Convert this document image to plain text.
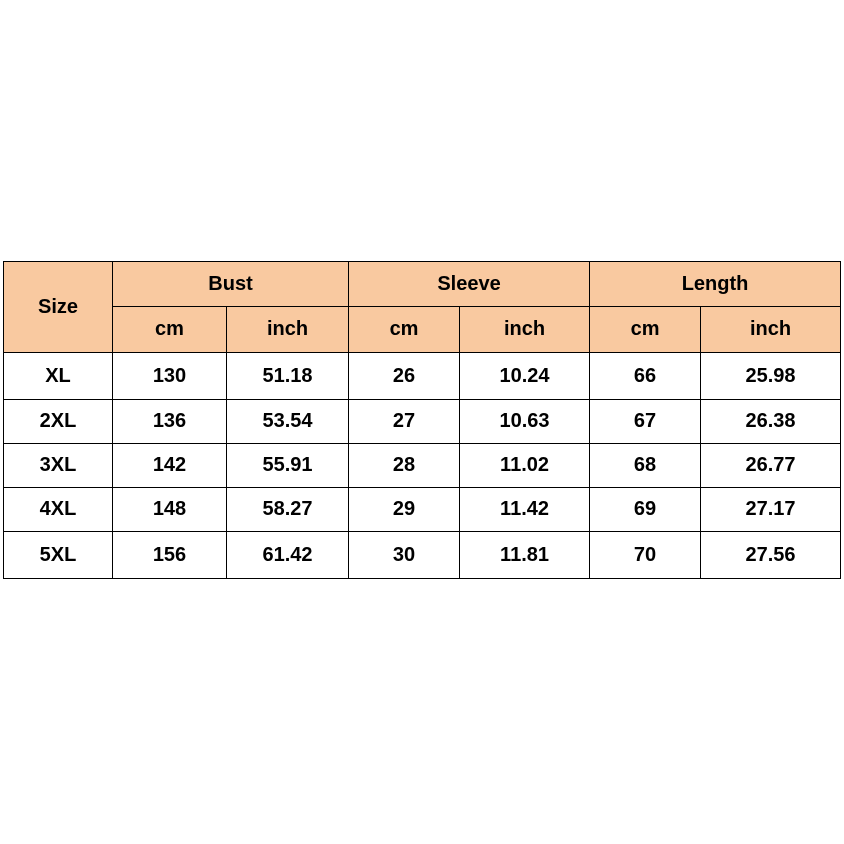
Size	Bust		Sleeve		Length	
	cm	inch	cm	inch	cm	inch
XL	130	51.18	26	10.24	66	25.98
2XL	136	53.54	27	10.63	67	26.38
3XL	142	55.91	28	11.02	68	26.77
4XL	148	58.27	29	11.42	69	27.17
5XL	156	61.42	30	11.81	70	27.56
